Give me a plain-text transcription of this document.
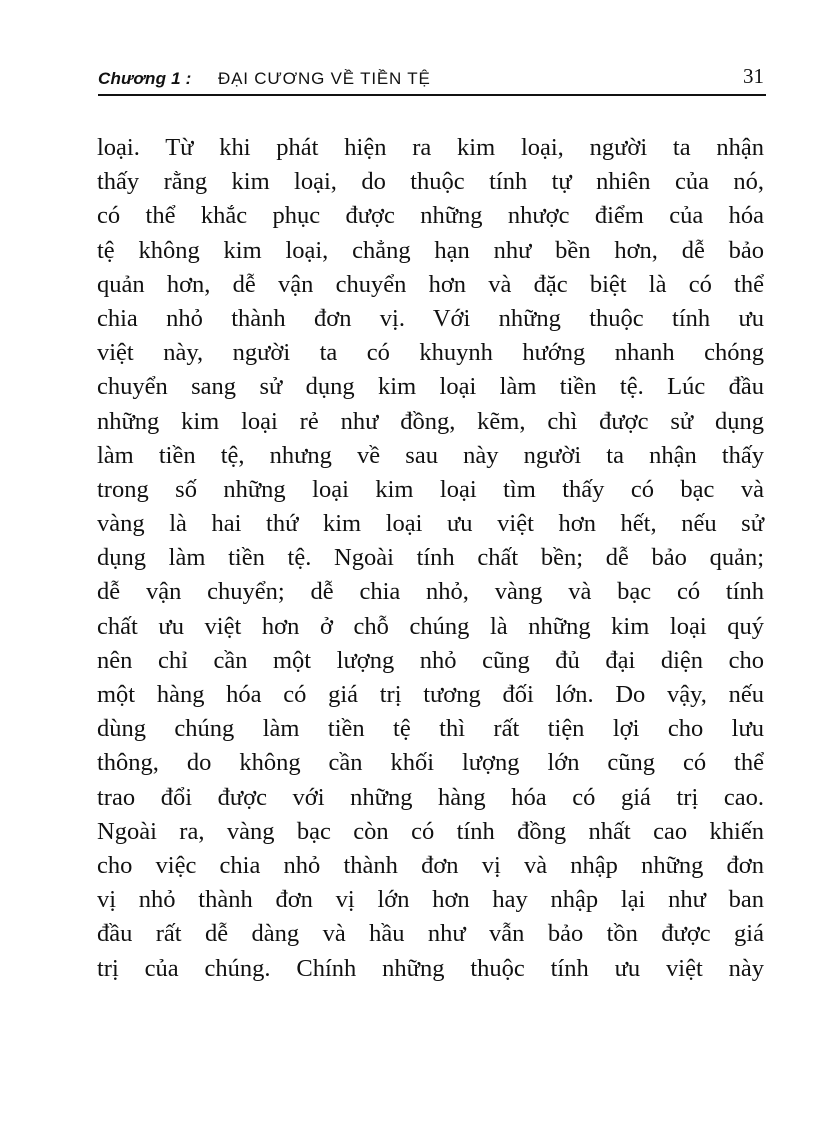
Chương 1 : ĐẠI CƯƠNG VỀ TIỀN TỆ	31
loại. Từ khi phát hiện ra kim loại, người ta nhận
thấy rằng kim loại, do thuộc tính tự nhiên của nó,
có thể khắc phục được những nhược điểm của hóa
tệ không kim loại, chẳng hạn như bền hơn, dễ bảo
quản hơn, dễ vận chuyển hơn và đặc biệt là có thể
chia nhỏ thành đơn vị. Với những thuộc tính ưu
việt này, người ta có khuynh hướng nhanh chóng
chuyển sang sử dụng kim loại làm tiền tệ. Lúc đầu
những kim loại rẻ như đồng, kẽm, chì được sử dụng
làm tiền tệ, nhưng về sau này người ta nhận thấy
trong số những loại kim loại tìm thấy có bạc và
vàng là hai thứ kim loại ưu việt hơn hết, nếu sử
dụng làm tiền tệ. Ngoài tính chất bền; dễ bảo quản;
dễ vận chuyển; dễ chia nhỏ, vàng và bạc có tính
chất ưu việt hơn ở chỗ chúng là những kim loại quý
nên chỉ cần một lượng nhỏ cũng đủ đại diện cho
một hàng hóa có giá trị tương đối lớn. Do vậy, nếu
dùng chúng làm tiền tệ thì rất tiện lợi cho lưu
thông, do không cần khối lượng lớn cũng có thể
trao đổi được với những hàng hóa có giá trị cao.
Ngoài ra, vàng bạc còn có tính đồng nhất cao khiến
cho việc chia nhỏ thành đơn vị và nhập những đơn
vị nhỏ thành đơn vị lớn hơn hay nhập lại như ban
đầu rất dễ dàng và hầu như vẫn bảo tồn được giá
trị của chúng. Chính những thuộc tính ưu việt này
